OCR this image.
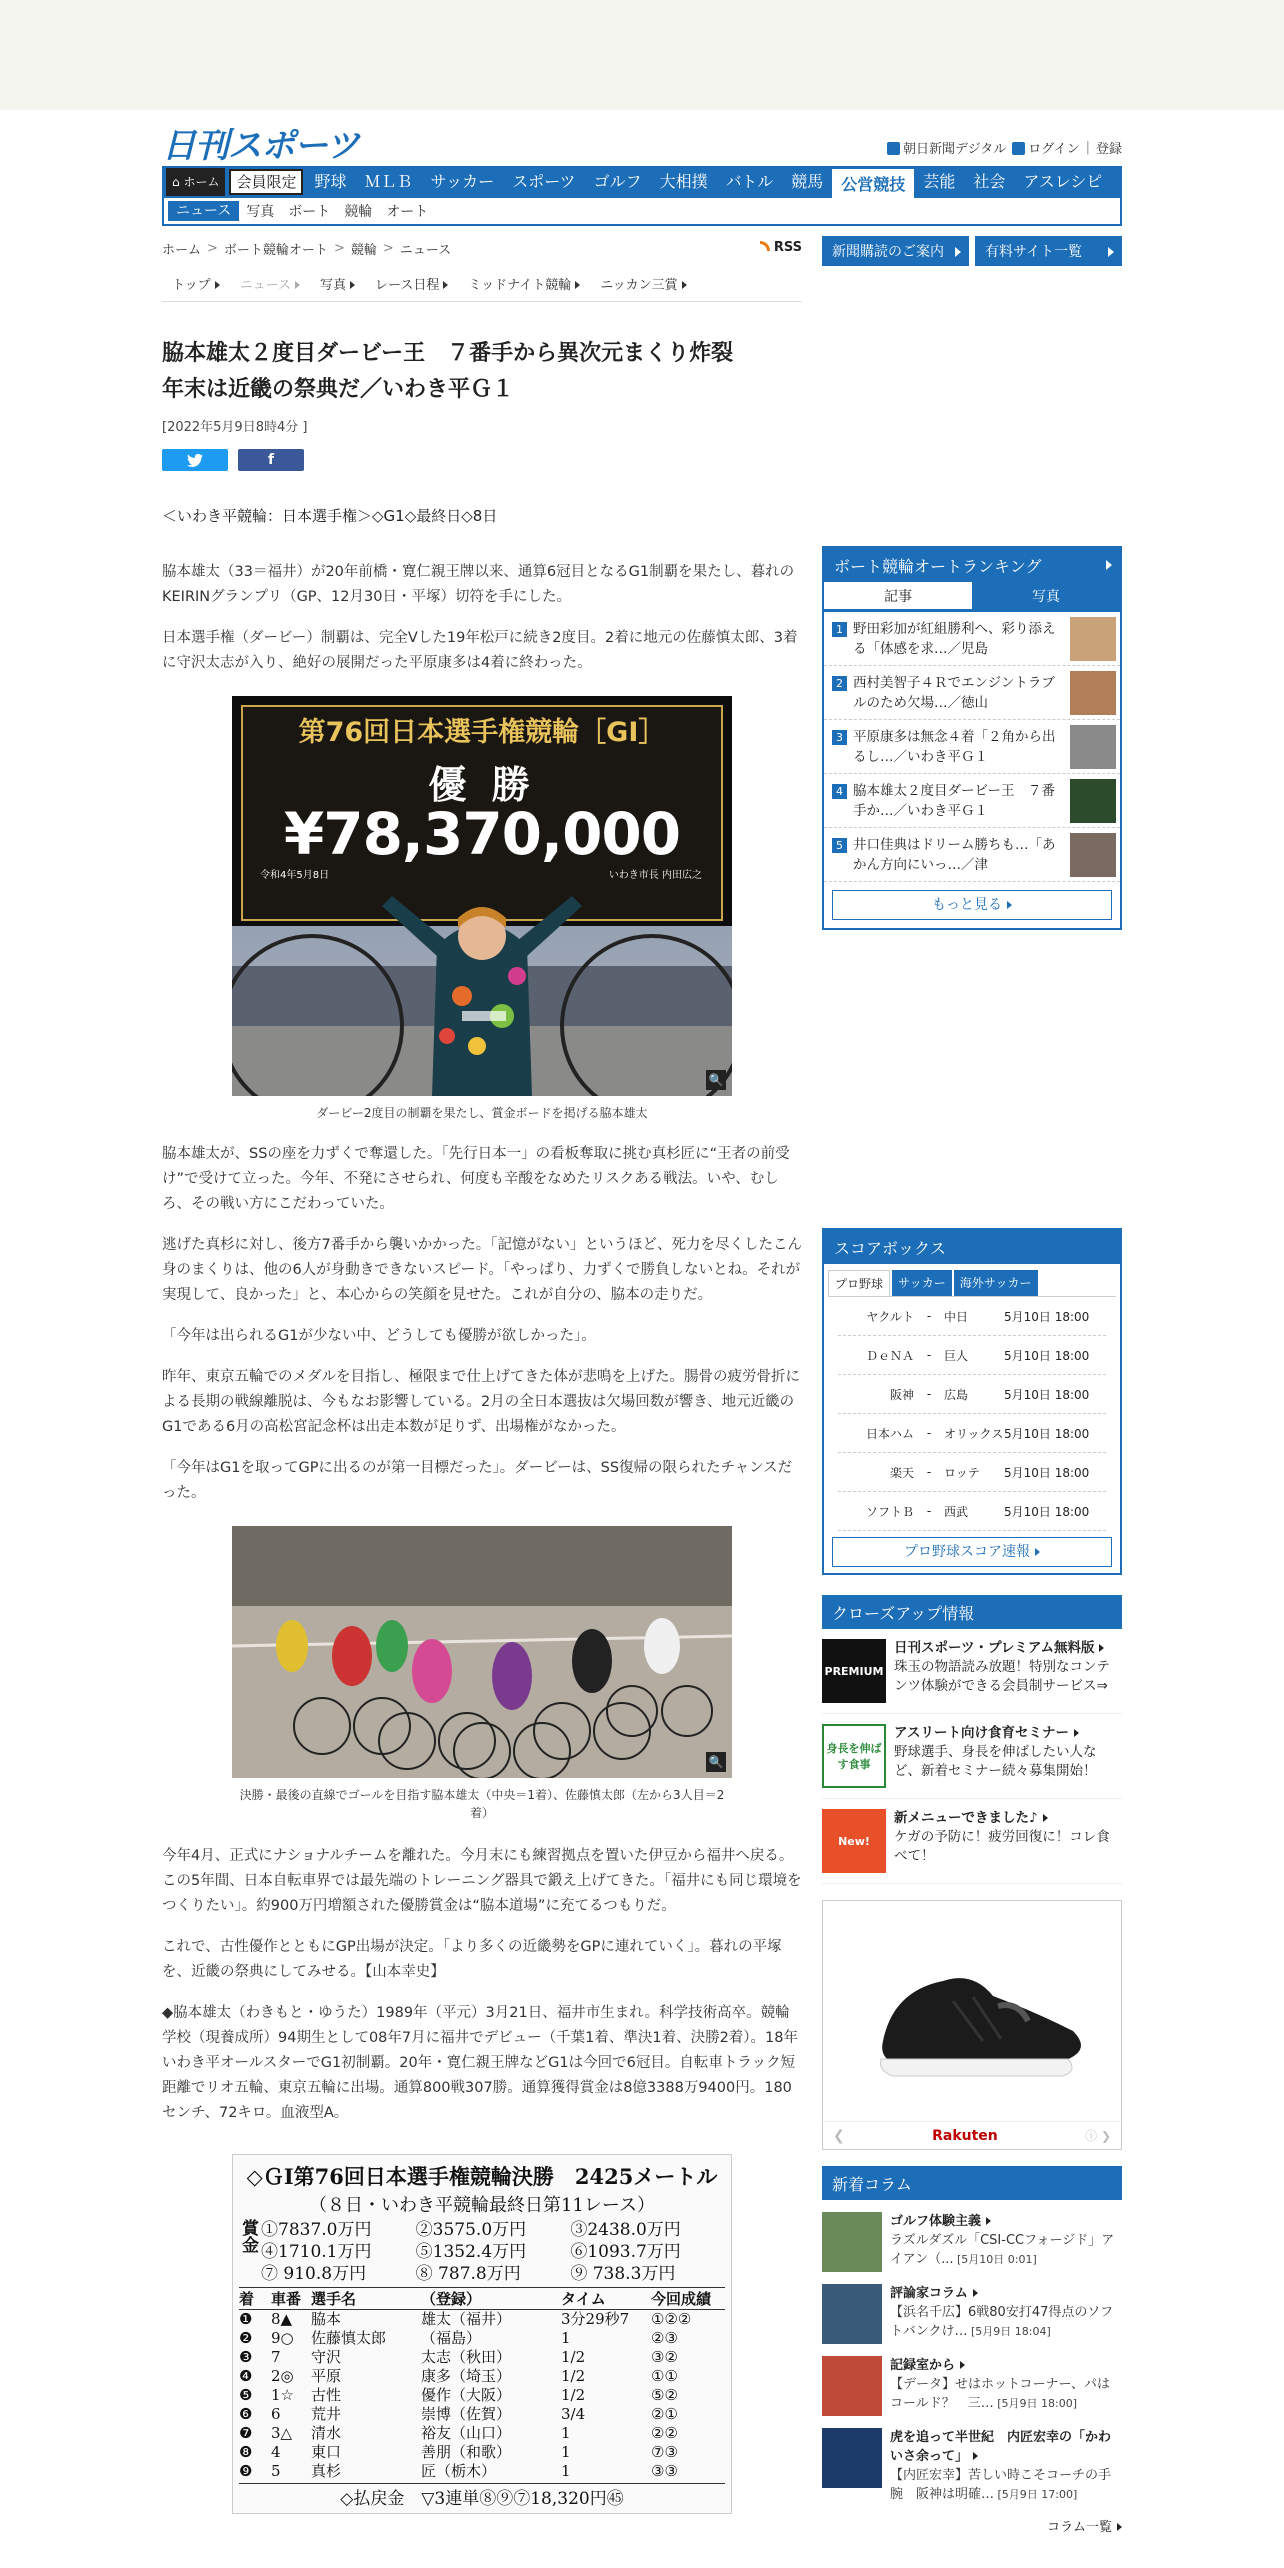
日刊スポーツ	朝日新聞デジタル	ログイン | 登録
⌂ ホーム	会員限定	野球	ＭＬＢ	サッカー	スポーツ	ゴルフ	大相撲	バトル	競馬	公営競技	芸能	社会	アスレシピ
ニュース	写真	ボート	競輪	オート
ホーム > ボート競輪オート > 競輪 > ニュース	RSS
トップ	ニュース	写真	レース日程	ミッドナイト競輪	ニッカン三賞
脇本雄太２度目ダービー王　７番手から異次元まくり炸裂
年末は近畿の祭典だ／いわき平Ｇ１
[2022年5月9日8時4分 ]
f
＜いわき平競輪：日本選手権＞◇G1◇最終日◇8日

脇本雄太（33＝福井）が20年前橋・寛仁親王牌以来、通算6冠目となるG1制覇を果たし、暮れのKEIRINグランプリ（GP、12月30日・平塚）切符を手にした。

日本選手権（ダービー）制覇は、完全Vした19年松戸に続き2度目。2着に地元の佐藤慎太郎、3着に守沢太志が入り、絶好の展開だった平原康多は4着に終わった。

第76回日本選手権競輪［GI］
優 勝
¥78,370,000
令和4年5月8日	いわき市長 内田広之
🔍
ダービー2度目の制覇を果たし、賞金ボードを掲げる脇本雄太

脇本雄太が、SSの座を力ずくで奪還した。「先行日本一」の看板奪取に挑む真杉匠に“王者の前受け”で受けて立った。今年、不発にさせられ、何度も辛酸をなめたリスクある戦法。いや、むしろ、その戦い方にこだわっていた。

逃げた真杉に対し、後方7番手から襲いかかった。「記憶がない」というほど、死力を尽くしたこん身のまくりは、他の6人が身動きできないスピード。「やっぱり、力ずくで勝負しないとね。それが実現して、良かった」と、本心からの笑顔を見せた。これが自分の、脇本の走りだ。

「今年は出られるG1が少ない中、どうしても優勝が欲しかった」。

昨年、東京五輪でのメダルを目指し、極限まで仕上げてきた体が悲鳴を上げた。腸骨の疲労骨折による長期の戦線離脱は、今もなお影響している。2月の全日本選抜は欠場回数が響き、地元近畿の G1である6月の高松宮記念杯は出走本数が足りず、出場権がなかった。

「今年はG1を取ってGPに出るのが第一目標だった」。ダービーは、SS復帰の限られたチャンスだった。

🔍
決勝・最後の直線でゴールを目指す脇本雄太（中央＝1着）、佐藤慎太郎（左から3人目＝2着）

今年4月、正式にナショナルチームを離れた。今月末にも練習拠点を置いた伊豆から福井へ戻る。この5年間、日本自転車界では最先端のトレーニング器具で鍛え上げてきた。「福井にも同じ環境をつくりたい」。約900万円増額された優勝賞金は“脇本道場”に充てるつもりだ。

これで、古性優作とともにGP出場が決定。「より多くの近畿勢をGPに連れていく」。暮れの平塚を、近畿の祭典にしてみせる。【山本幸史】

◆脇本雄太（わきもと・ゆうた）1989年（平元）3月21日、福井市生まれ。科学技術高卒。競輪学校（現養成所）94期生として08年7月に福井でデビュー（千葉1着、準決1着、決勝2着）。18年いわき平オールスターでG1初制覇。20年・寛仁親王牌などG1は今回で6冠目。自転車トラック短距離でリオ五輪、東京五輪に出場。通算800戦307勝。通算獲得賞金は8億3388万9400円。180センチ、72キロ。血液型A。

◇ＧⅠ第76回日本選手権競輪決勝　2425メートル
（８日・いわき平競輪最終日第11レース）
賞金 ①7837.0万円	②3575.0万円	③2438.0万円
④1710.1万円	⑤1352.4万円	⑥1093.7万円
⑦ 910.8万円	⑧ 787.8万円	⑨ 738.3万円
着	車番 選手名	（登録）	タイム	今回成績
❶	8▲	脇本	雄太（福井）	3分29秒7	①②②
❷	9○	佐藤慎太郎	（福島）	1	②③
❸	7	守沢	太志（秋田）	1/2	③②
❹	2◎	平原	康多（埼玉）	1/2	①①
❺	1☆	古性	優作（大阪）	1/2	⑤②
❻	6	荒井	崇博（佐賀）	3/4	②①
❼	3△	清水	裕友（山口）	1	②②
❽	4	東口	善朋（和歌）	1	⑦③
❾	5	真杉	匠（栃木）	1	③③
◇払戻金　▽3連単⑧⑨⑦18,320円㊺
新聞購読のご案内	有料サイト一覧
ボート競輪オートランキング
記事	写真
1 野田彩加が紅組勝利へ、彩り添える「体感を求…／児島
2 西村美智子４Ｒでエンジントラブルのため欠場…／徳山
3 平原康多は無念４着「２角から出るし…／いわき平Ｇ１
4 脇本雄太２度目ダービー王　７番手か…／いわき平Ｇ１
5 井口佳典はドリーム勝ちも…「あかん方向にいっ…／津
もっと見る
スコアボックス
プロ野球	サッカー	海外サッカー
ヤクルト	-	中日	5月10日 18:00
ＤｅＮＡ	-	巨人	5月10日 18:00
阪神	-	広島	5月10日 18:00
日本ハム	-	オリックス 5月10日 18:00
楽天	-	ロッテ	5月10日 18:00
ソフトＢ	-	西武	5月10日 18:00
プロ野球スコア速報
クローズアップ情報
PREMIUM
日刊スポーツ・プレミアム無料版
珠玉の物語読み放題！特別なコンテンツ体験ができる会員制サービス⇒
身長を伸ばす食事
アスリート向け食育セミナー
野球選手、身長を伸ばしたい人など、新着セミナー続々募集開始！
New!
新メニューできました♪
ケガの予防に！疲労回復に！コレ食べて！
❮	Rakuten	ⓘ ❯
新着コラム
ゴルフ体験主義
ラズルダズル「CSI-CCフォージド」アイアン（... [5月10日 0:01]
評論家コラム
【浜名千広】6戦80安打47得点のソフトバンクけ… [5月9日 18:04]
記録室から
【データ】せはホットコーナー、パはコールド？　三… [5月9日 18:00]
虎を追って半世紀　内匠宏幸の「かわいさ余って」
【内匠宏幸】苦しい時こそコーチの手腕　阪神は明確… [5月9日 17:00]
コラム一覧
